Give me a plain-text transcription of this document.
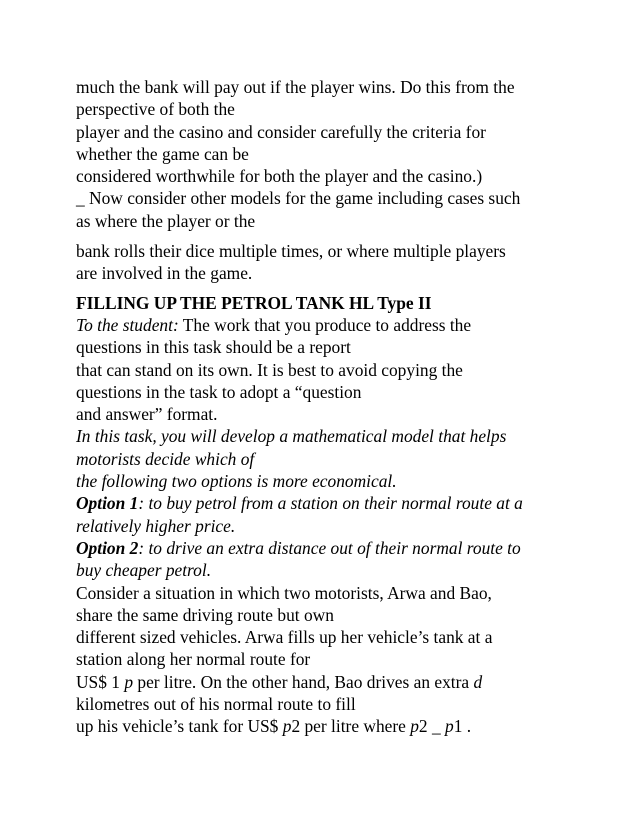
much the bank will pay out if the player wins. Do this from the
perspective of both the
player and the casino and consider carefully the criteria for
whether the game can be
considered worthwhile for both the player and the casino.)
_ Now consider other models for the game including cases such
as where the player or the
bank rolls their dice multiple times, or where multiple players
are involved in the game.
FILLING UP THE PETROL TANK HL Type II
To the student: The work that you produce to address the
questions in this task should be a report
that can stand on its own. It is best to avoid copying the
questions in the task to adopt a “question
and answer” format.
In this task, you will develop a mathematical model that helps
motorists decide which of
the following two options is more economical.
Option 1: to buy petrol from a station on their normal route at a
relatively higher price.
Option 2: to drive an extra distance out of their normal route to
buy cheaper petrol.
Consider a situation in which two motorists, Arwa and Bao,
share the same driving route but own
different sized vehicles. Arwa fills up her vehicle’s tank at a
station along her normal route for
US$ 1 p per litre. On the other hand, Bao drives an extra d
kilometres out of his normal route to fill
up his vehicle’s tank for US$ p2 per litre where p2 _ p1 .
